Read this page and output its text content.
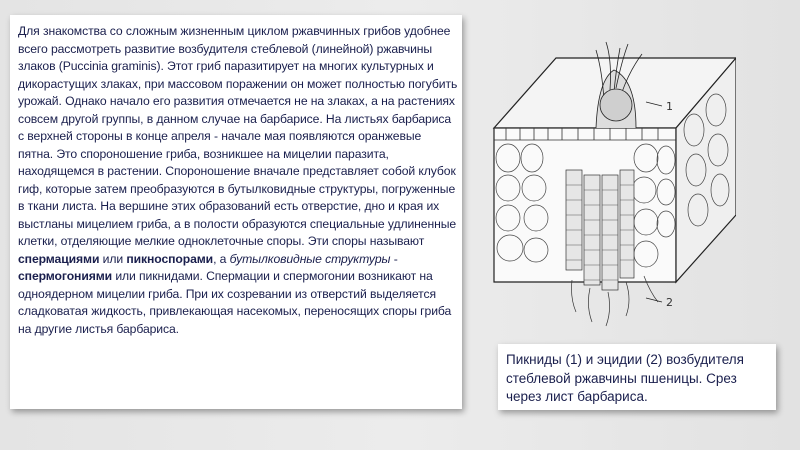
Для знакомства со сложным жизненным циклом ржавчинных грибов удобнее всего рассмотреть развитие возбудителя стеблевой (линейной) ржавчины злаков (Puccinia graminis). Этот гриб паразитирует на многих культурных и дикорастущих злаках, при массовом поражении он может полностью погубить урожай. Однако начало его развития отмечается не на злаках, а на растениях совсем другой группы, в данном случае на барбарисе. На листьях барбариса с верхней стороны в конце апреля - начале мая появляются оранжевые пятна. Это спороношение гриба, возникшее на мицелии паразита, находящемся в растении. Спороношение вначале представляет собой клубок гиф, которые затем преобразуются в бутылковидные структуры, погруженные в ткани листа. На вершине этих образований есть отверстие, дно и края их выстланы мицелием гриба, а в полости образуются специальные удлиненные клетки, отделяющие мелкие одноклеточные споры. Эти споры называют спермациями или пикноспорами, а бутылковидные структуры - спермогониями или пикнидами. Спермации и спермогонии возникают на одноядерном мицелии гриба. При их созревании из отверстий выделяется сладковатая жидкость, привлекающая насекомых, переносящих споры гриба на другие листья барбариса.

1
2

Пикниды (1) и эцидии (2) возбудителя стеблевой ржавчины пшеницы. Срез через лист барбариса.
